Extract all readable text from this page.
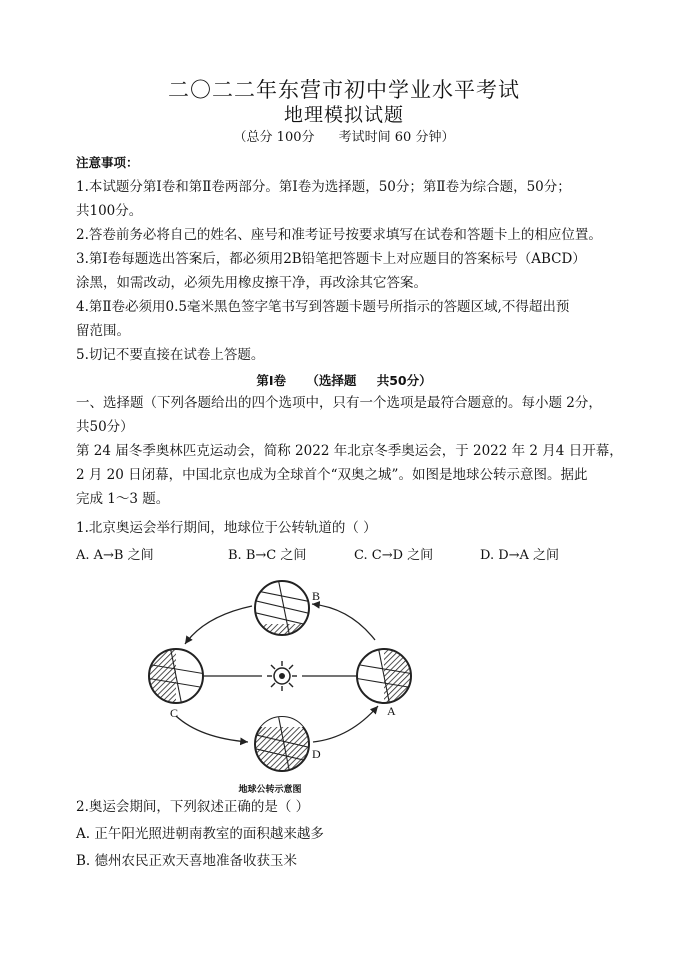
二〇二二年东营市初中学业水平考试
地理模拟试题
（总分 100分 考试时间 60 分钟）
注意事项：
1.本试题分第Ⅰ卷和第Ⅱ卷两部分。第Ⅰ卷为选择题，50分；第Ⅱ卷为综合题，50分；
共100分。
2.答卷前务必将自己的姓名、座号和准考证号按要求填写在试卷和答题卡上的相应位置。
3.第Ⅰ卷每题选出答案后，都必须用2B铅笔把答题卡上对应题目的答案标号（ABCD）
涂黑，如需改动，必须先用橡皮擦干净，再改涂其它答案。
4.第Ⅱ卷必须用0.5毫米黑色签字笔书写到答题卡题号所指示的答题区域,不得超出预
留范围。
5.切记不要直接在试卷上答题。
第Ⅰ卷 （选择题 共50分）
一、选择题（下列各题给出的四个选项中，只有一个选项是最符合题意的。每小题 2分，
共50分）
第 24 届冬季奥林匹克运动会，简称 2022 年北京冬季奥运会，于 2022 年 2 月4 日开幕，
2 月 20 日闭幕，中国北京也成为全球首个“双奥之城”。如图是地球公转示意图。据此
完成 1～3 题。
1.北京奥运会举行期间，地球位于公转轨道的（ ）
A. A→B 之间	B. B→C 之间	C. C→D 之间	D. D→A 之间
B
C	A
D
地球公转示意图
2.奥运会期间，下列叙述正确的是（ ）
A. 正午阳光照进朝南教室的面积越来越多
B. 德州农民正欢天喜地准备收获玉米
